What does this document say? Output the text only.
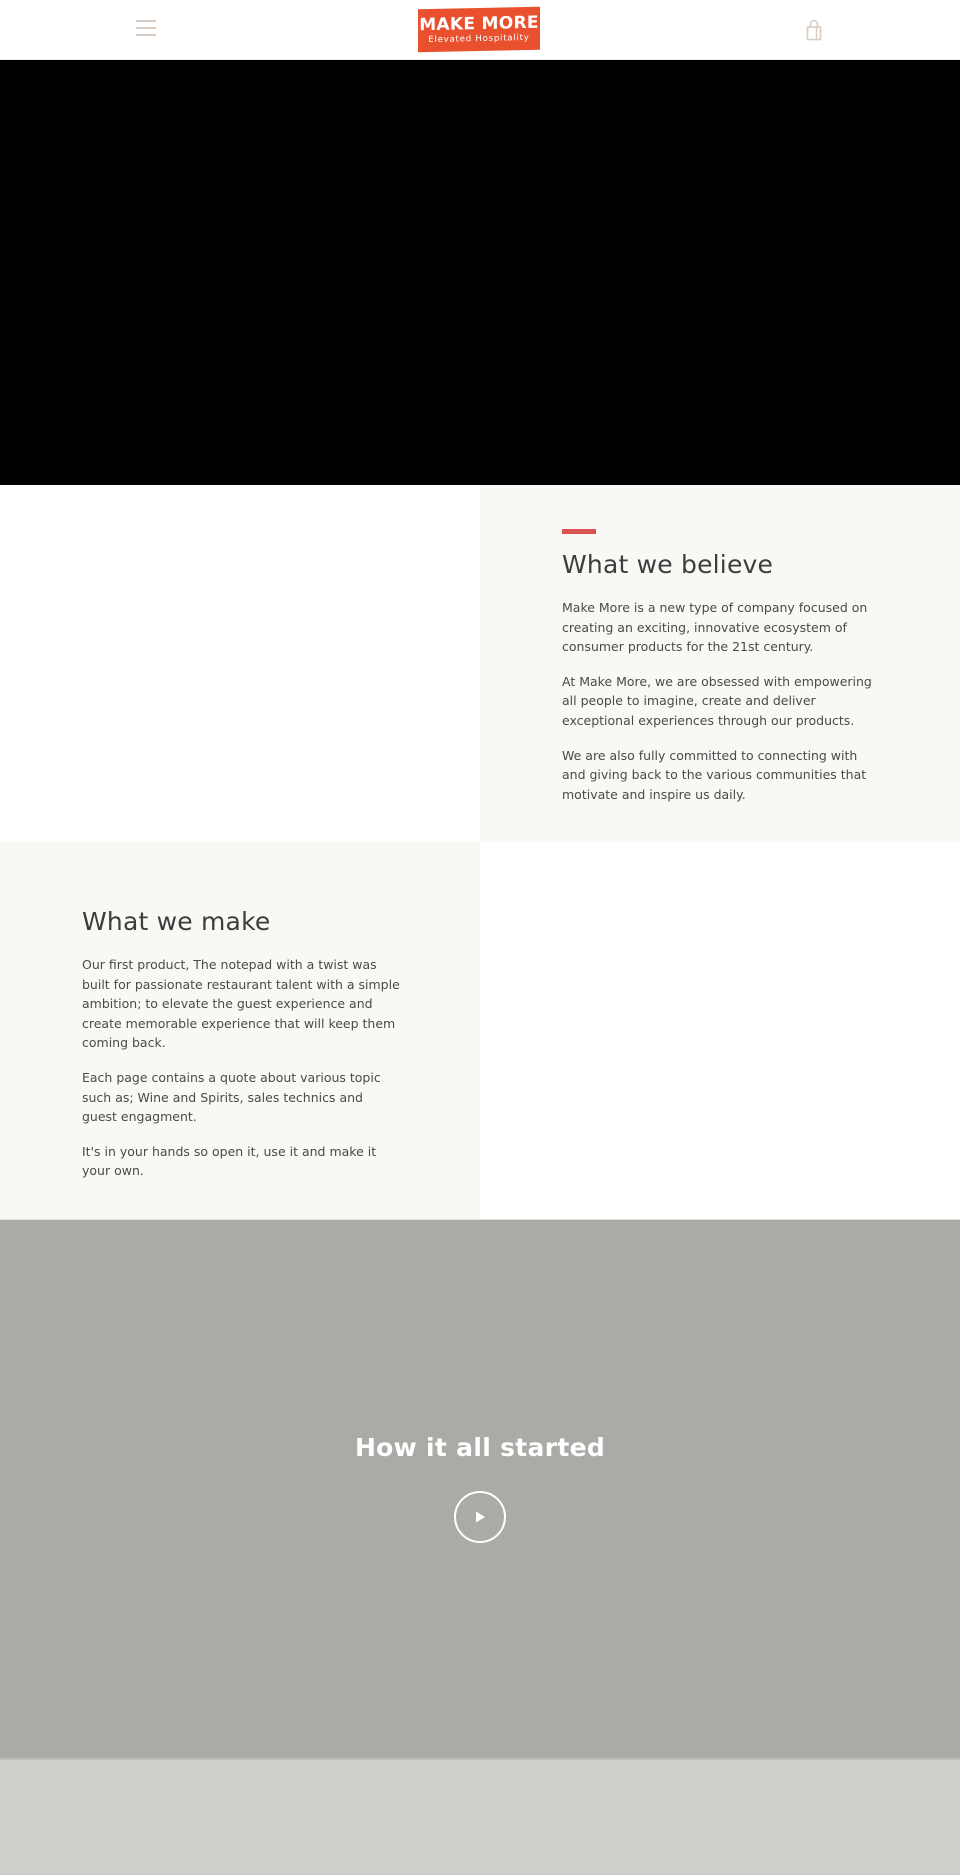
MAKE MORE
Elevated Hospitality
What we believe

Make More is a new type of company focused on creating an exciting, innovative ecosystem of consumer products for the 21st century.

At Make More, we are obsessed with empowering all people to imagine, create and deliver exceptional experiences through our products.

We are also fully committed to connecting with and giving back to the various communities that motivate and inspire us daily.

What we make

Our first product, The notepad with a twist was built for passionate restaurant talent with a simple ambition; to elevate the guest experience and create memorable experience that will keep them coming back.

Each page contains a quote about various topic such as; Wine and Spirits, sales technics and guest engagment.

It's in your hands so open it, use it and make it your own.

How it all started
